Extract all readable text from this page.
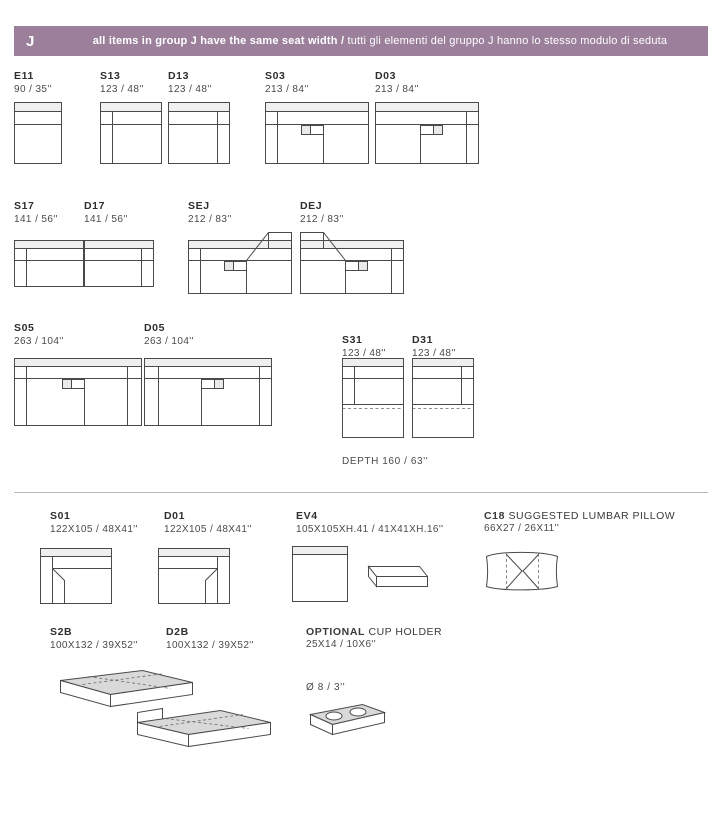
J	all items in group J have the same seat width / tutti gli elementi del gruppo J hanno lo stesso modulo di seduta
E11
90 / 35''
S13
123 / 48''
D13
123 / 48''
S03
213 / 84''
D03
213 / 84''
S17
141 / 56''
D17
141 / 56''
SEJ
212 / 83''
DEJ
212 / 83''
S05
263 / 104''
D05
263 / 104''	S31
123 / 48''
D31
123 / 48''
DEPTH 160 / 63''
S01
122X105 / 48X41''
D01
122X105 / 48X41''
EV4
105X105XH.41 / 41X41XH.16''
C18 SUGGESTED LUMBAR PILLOW
66X27 / 26X11''
S2B
100X132 / 39X52''
D2B
100X132 / 39X52''
OPTIONAL CUP HOLDER
25X14 / 10X6''
Ø 8 / 3''
